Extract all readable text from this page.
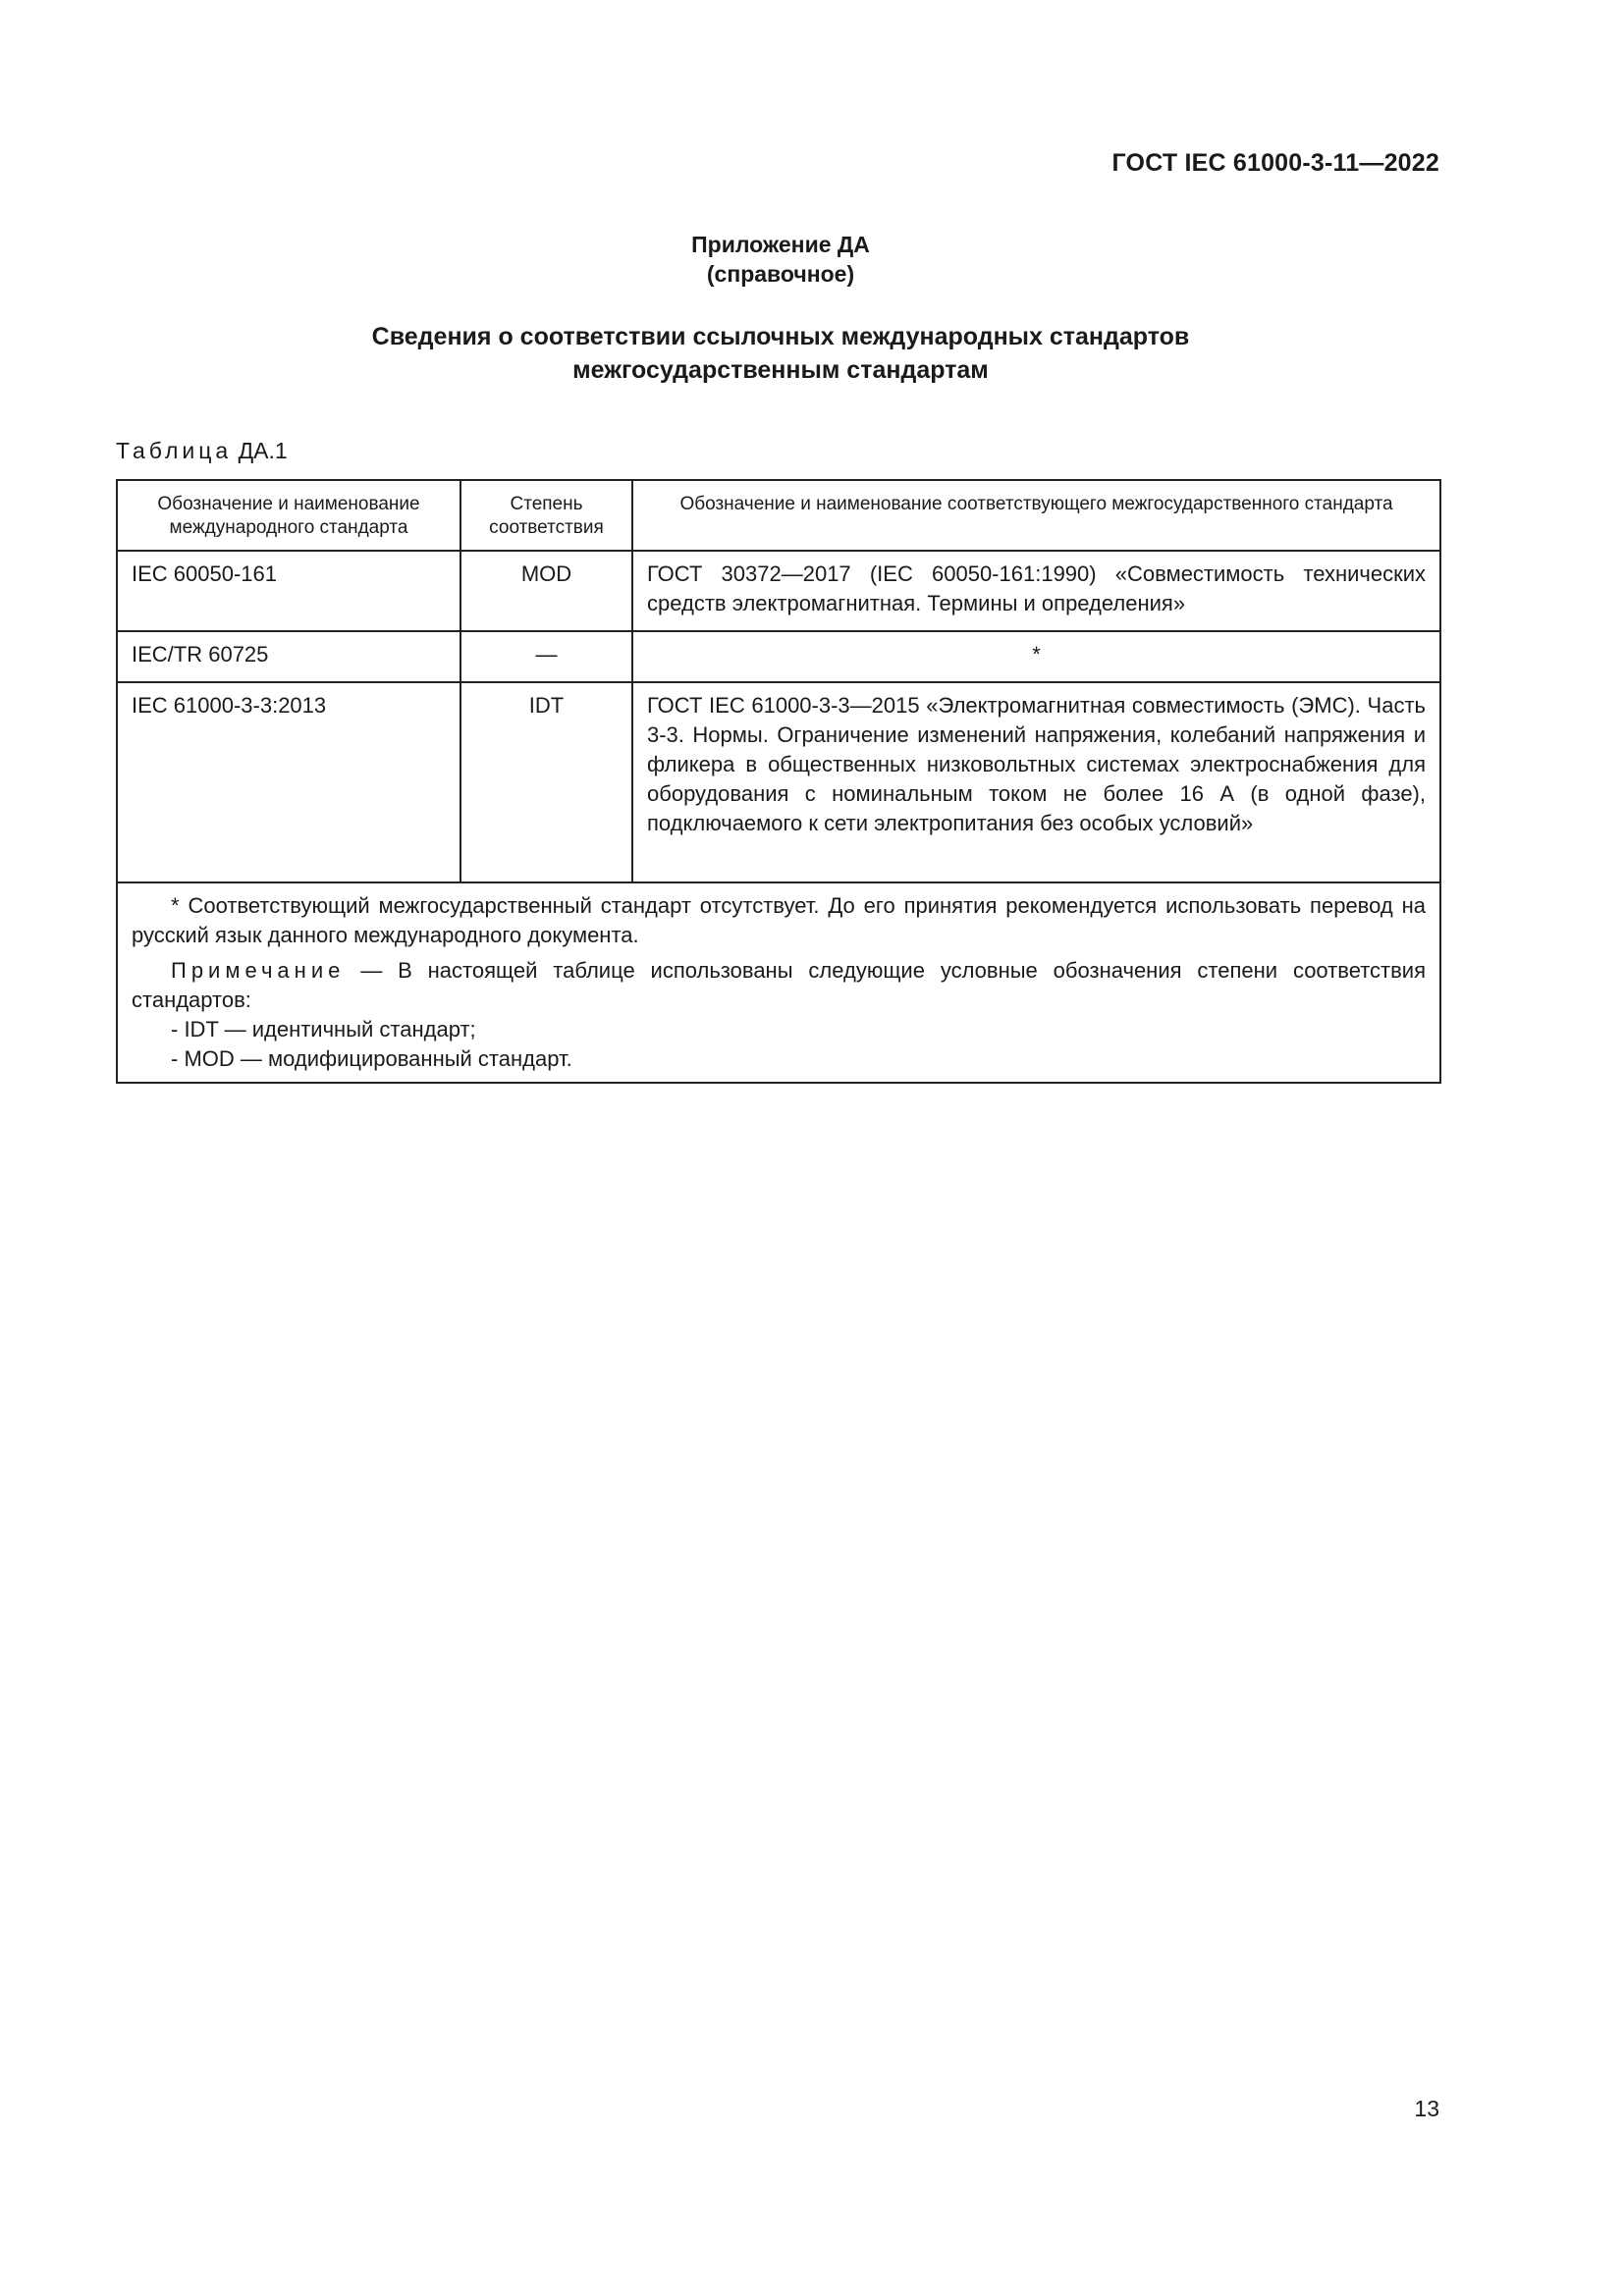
ГОСТ IEC 61000-3-11—2022
Приложение ДА
(справочное)
Сведения о соответствии ссылочных международных стандартов
межгосударственным стандартам
Таблица ДА.1
Обозначение и наименование международного стандарта	Степень соответствия	Обозначение и наименование соответствующего межгосударственного стандарта
IEC 60050-161	MOD	ГОСТ 30372—2017 (IEC 60050-161:1990) «Совместимость технических средств электромагнитная. Термины и определения»
IEC/TR 60725	—	*
IEC 61000-3-3:2013	IDT	ГОСТ IEC 61000-3-3—2015 «Электромагнитная совместимость (ЭМС). Часть 3-3. Нормы. Ограничение изменений напряжения, колебаний напряжения и фликера в общественных низковольтных системах электроснабжения для оборудования с номинальным током не более 16 А (в одной фазе), подключаемого к сети электропитания без особых условий»

* Соответствующий межгосударственный стандарт отсутствует. До его принятия рекомендуется использовать перевод на русский язык данного международного документа.

Примечание — В настоящей таблице использованы следующие условные обозначения степени соответствия стандартов:

- IDT — идентичный стандарт;

- MOD — модифицированный стандарт.		

13
